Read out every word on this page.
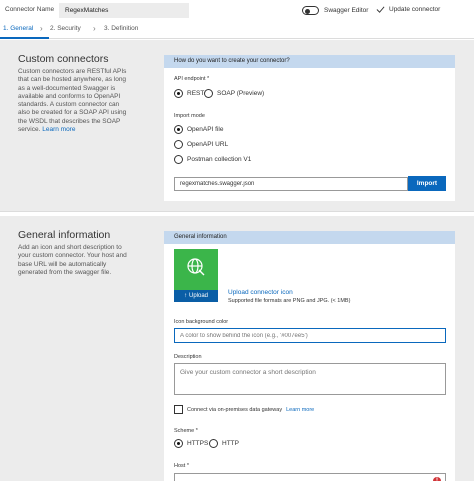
Connector Name
RegexMatches	Swagger Editor	Update connector
1. General › 2. Security › 3. Definition
Custom connectors
Custom connectors are RESTful APIs that can be hosted anywhere, as long as a well-documented Swagger is available and conforms to OpenAPI standards. A custom connector can also be created for a SOAP API using the WSDL that describes the SOAP service. Learn more
How do you want to create your connector?
API endpoint *
REST SOAP (Preview)
Import mode
OpenAPI file
OpenAPI URL
Postman collection V1
regexmatches.swagger.json
Import
General information
Add an icon and short description to your custom connector. Your host and base URL will be automatically generated from the swagger file.
General information
↑ Upload	Upload connector icon
Supported file formats are PNG and JPG. (< 1MB)
Icon background color
A color to show behind the icon (e.g., '#007ee5')
Description
Give your custom connector a short description
Connect via on-premises data gateway Learn more
Scheme *
HTTPS HTTP
Host *
!
